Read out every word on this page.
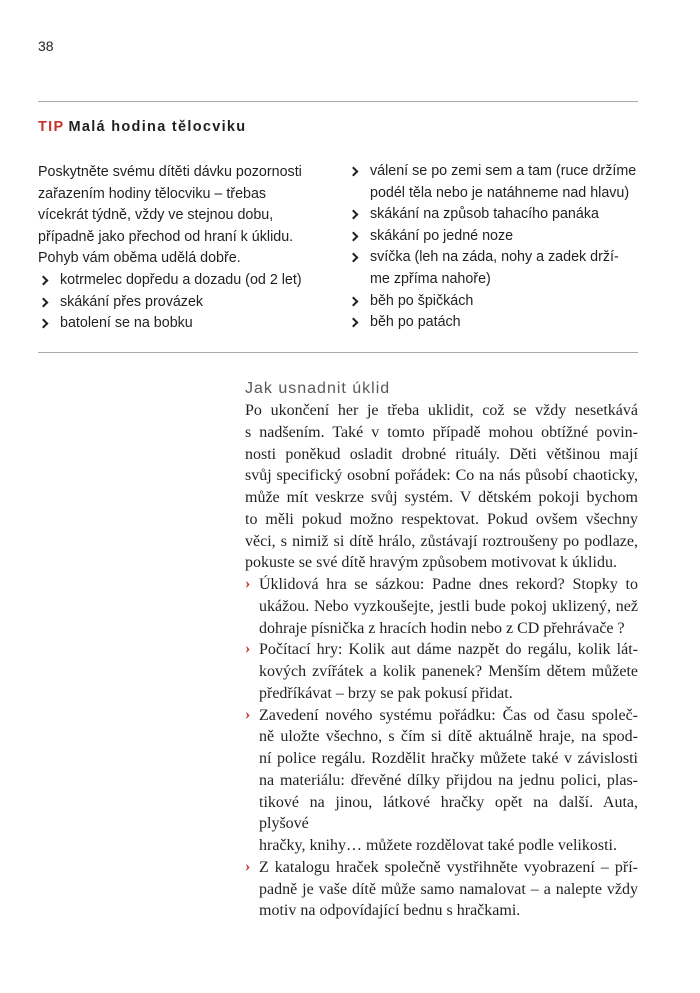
38
TIP Malá hodina tělocviku
Poskytněte svému dítěti dávku pozornosti
zařazením hodiny tělocviku – třebas
vícekrát týdně, vždy ve stejnou dobu,
případně jako přechod od hraní k úklidu.
Pohyb vám oběma udělá dobře.
kotrmelec dopředu a dozadu (od 2 let)
skákání přes provázek
batolení se na bobku
válení se po zemi sem a tam (ruce držíme
podél těla nebo je natáhneme nad hlavu)
skákání na způsob tahacího panáka
skákání po jedné noze
svíčka (leh na záda, nohy a zadek drží-
me zpříma nahoře)
běh po špičkách
běh po patách
Jak usnadnit úklid
Po ukončení her je třeba uklidit, což se vždy nesetkává
s nadšením. Také v tomto případě mohou obtížné povin-
nosti poněkud osladit drobné rituály. Děti většinou mají
svůj specifický osobní pořádek: Co na nás působí chaoticky,
může mít veskrze svůj systém. V dětském pokoji bychom
to měli pokud možno respektovat. Pokud ovšem všechny
věci, s nimiž si dítě hrálo, zůstávají roztroušeny po podlaze,
pokuste se své dítě hravým způsobem motivovat k úklidu.
› Úklidová hra se sázkou: Padne dnes rekord? Stopky to
ukážou. Nebo vyzkoušejte, jestli bude pokoj uklizený, než
dohraje písnička z hracích hodin nebo z CD přehrávače ?
› Počítací hry: Kolik aut dáme nazpět do regálu, kolik lát-
kových zvířátek a kolik panenek? Menším dětem můžete
předříkávat – brzy se pak pokusí přidat.
› Zavedení nového systému pořádku: Čas od času společ-
ně uložte všechno, s čím si dítě aktuálně hraje, na spod-
ní police regálu. Rozdělit hračky můžete také v závislosti
na materiálu: dřevěné dílky přijdou na jednu polici, plas-
tikové na jinou, látkové hračky opět na další. Auta, plyšové
hračky, knihy… můžete rozdělovat také podle velikosti.
› Z katalogu hraček společně vystřihněte vyobrazení – pří-
padně je vaše dítě může samo namalovat – a nalepte vždy
motiv na odpovídající bednu s hračkami.
